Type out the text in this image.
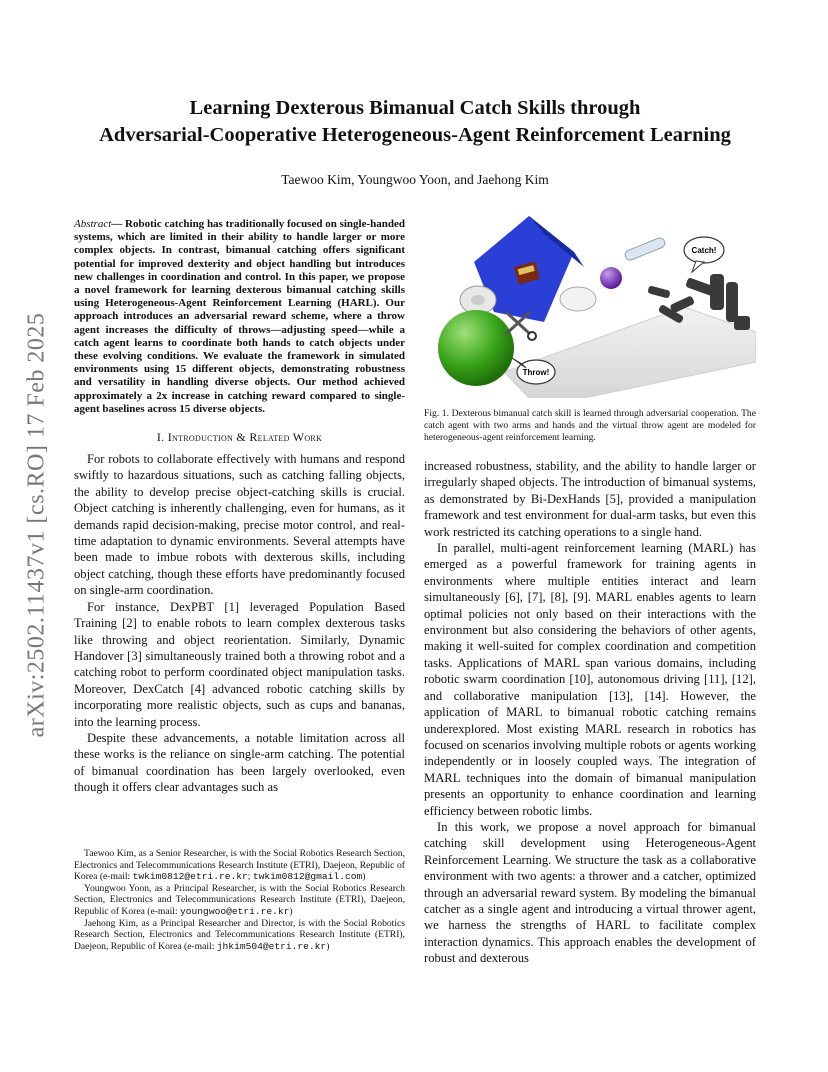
arXiv:2502.11437v1 [cs.RO] 17 Feb 2025
Learning Dexterous Bimanual Catch Skills through
Adversarial-Cooperative Heterogeneous-Agent Reinforcement Learning

Taewoo Kim, Youngwoo Yoon, and Jaehong Kim

Abstract— Robotic catching has traditionally focused on single-handed systems, which are limited in their ability to handle larger or more complex objects. In contrast, bimanual catching offers significant potential for improved dexterity and object handling but introduces new challenges in coordination and control. In this paper, we propose a novel framework for learning dexterous bimanual catching skills using Heterogeneous-Agent Reinforcement Learning (HARL). Our approach introduces an adversarial reward scheme, where a throw agent increases the difficulty of throws—adjusting speed—while a catch agent learns to coordinate both hands to catch objects under these evolving conditions. We evaluate the framework in simulated environments using 15 different objects, demonstrating robustness and versatility in handling diverse objects. Our method achieved approximately a 2x increase in catching reward compared to single-agent baselines across 15 diverse objects.

I. Introduction & Related Work

For robots to collaborate effectively with humans and respond swiftly to hazardous situations, such as catching falling objects, the ability to develop precise object-catching skills is crucial. Object catching is inherently challenging, even for humans, as it demands rapid decision-making, precise motor control, and real-time adaptation to dynamic environments. Several attempts have been made to imbue robots with dexterous skills, including object catching, though these efforts have predominantly focused on single-arm coordination.

For instance, DexPBT [1] leveraged Population Based Training [2] to enable robots to learn complex dexterous tasks like throwing and object reorientation. Similarly, Dynamic Handover [3] simultaneously trained both a throwing robot and a catching robot to perform coordinated object manipulation tasks. Moreover, DexCatch [4] advanced robotic catching skills by incorporating more realistic objects, such as cups and bananas, into the learning process.

Despite these advancements, a notable limitation across all these works is the reliance on single-arm catching. The potential of bimanual coordination has been largely overlooked, even though it offers clear advantages such as

Taewoo Kim, as a Senior Researcher, is with the Social Robotics Research Section, Electronics and Telecommunications Research Institute (ETRI), Daejeon, Republic of Korea (e-mail: twkim0812@etri.re.kr; twkim0812@gmail.com)

Youngwoo Yoon, as a Principal Researcher, is with the Social Robotics Research Section, Electronics and Telecommunications Research Institute (ETRI), Daejeon, Republic of Korea (e-mail: youngwoo@etri.re.kr)

Jaehong Kim, as a Principal Researcher and Director, is with the Social Robotics Research Section, Electronics and Telecommunications Research Institute (ETRI), Daejeon, Republic of Korea (e-mail: jhkim504@etri.re.kr)

Catch!
Throw!

Fig. 1. Dexterous bimanual catch skill is learned through adversarial cooperation. The catch agent with two arms and hands and the virtual throw agent are modeled for heterogeneous-agent reinforcement learning.

increased robustness, stability, and the ability to handle larger or irregularly shaped objects. The introduction of bimanual systems, as demonstrated by Bi-DexHands [5], provided a manipulation framework and test environment for dual-arm tasks, but even this work restricted its catching operations to a single hand.

In parallel, multi-agent reinforcement learning (MARL) has emerged as a powerful framework for training agents in environments where multiple entities interact and learn simultaneously [6], [7], [8], [9]. MARL enables agents to learn optimal policies not only based on their interactions with the environment but also considering the behaviors of other agents, making it well-suited for complex coordination and competition tasks. Applications of MARL span various domains, including robotic swarm coordination [10], autonomous driving [11], [12], and collaborative manipulation [13], [14]. However, the application of MARL to bimanual robotic catching remains underexplored. Most existing MARL research in robotics has focused on scenarios involving multiple robots or agents working independently or in loosely coupled ways. The integration of MARL techniques into the domain of bimanual manipulation presents an opportunity to enhance coordination and learning efficiency between robotic limbs.

In this work, we propose a novel approach for bimanual catching skill development using Heterogeneous-Agent Reinforcement Learning. We structure the task as a collaborative environment with two agents: a thrower and a catcher, optimized through an adversarial reward system. By modeling the bimanual catcher as a single agent and introducing a virtual thrower agent, we harness the strengths of HARL to facilitate complex interaction dynamics. This approach enables the development of robust and dexterous
